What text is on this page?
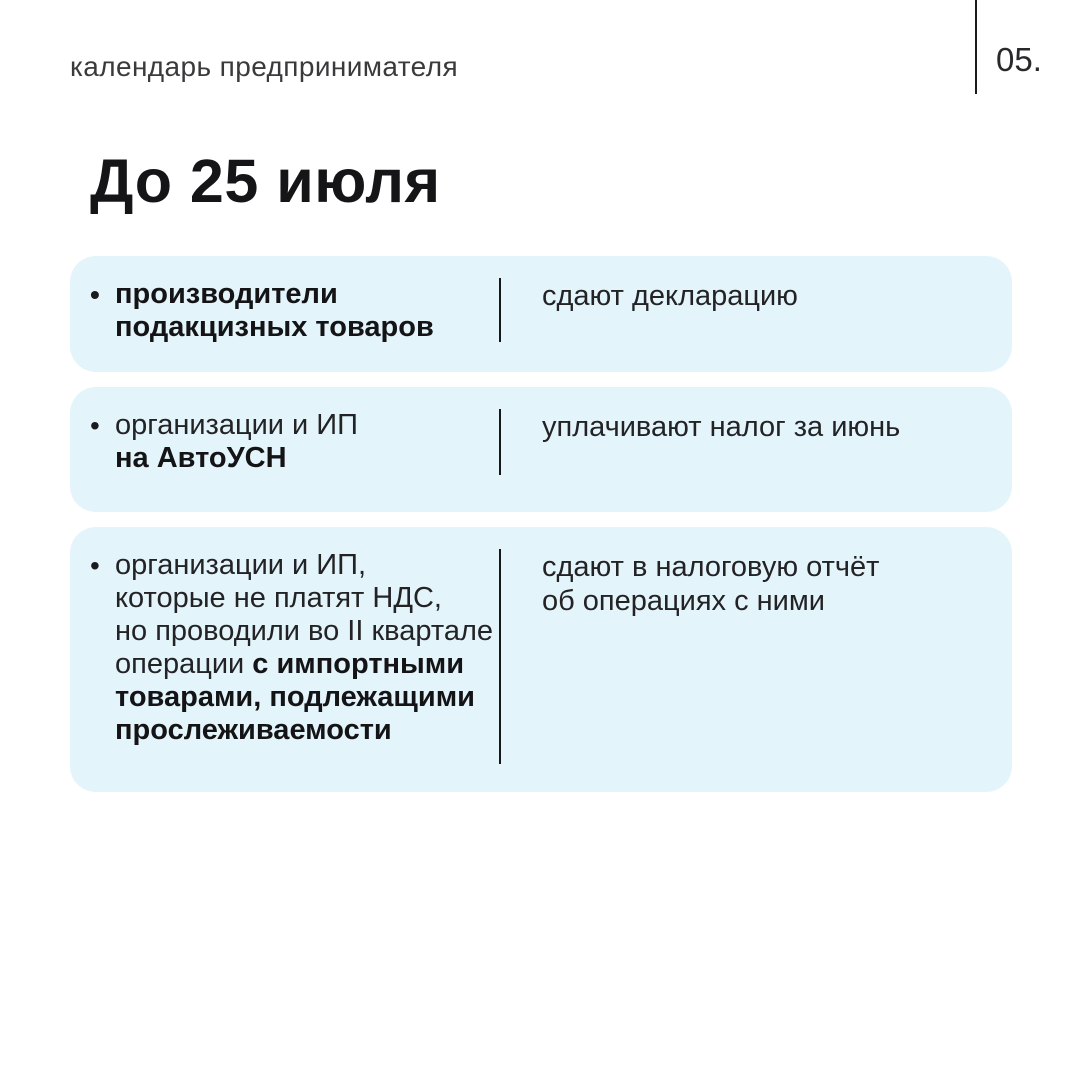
календарь предпринимателя	05.
До 25 июля
• производители
подакцизных товаров
сдают декларацию
• организации и ИП
на АвтоУСН
уплачивают налог за июнь
• организации и ИП,
которые не платят НДС,
но проводили во II квартале
операции с импортными
товарами, подлежащими
прослеживаемости
сдают в налоговую отчёт
об операциях с ними
